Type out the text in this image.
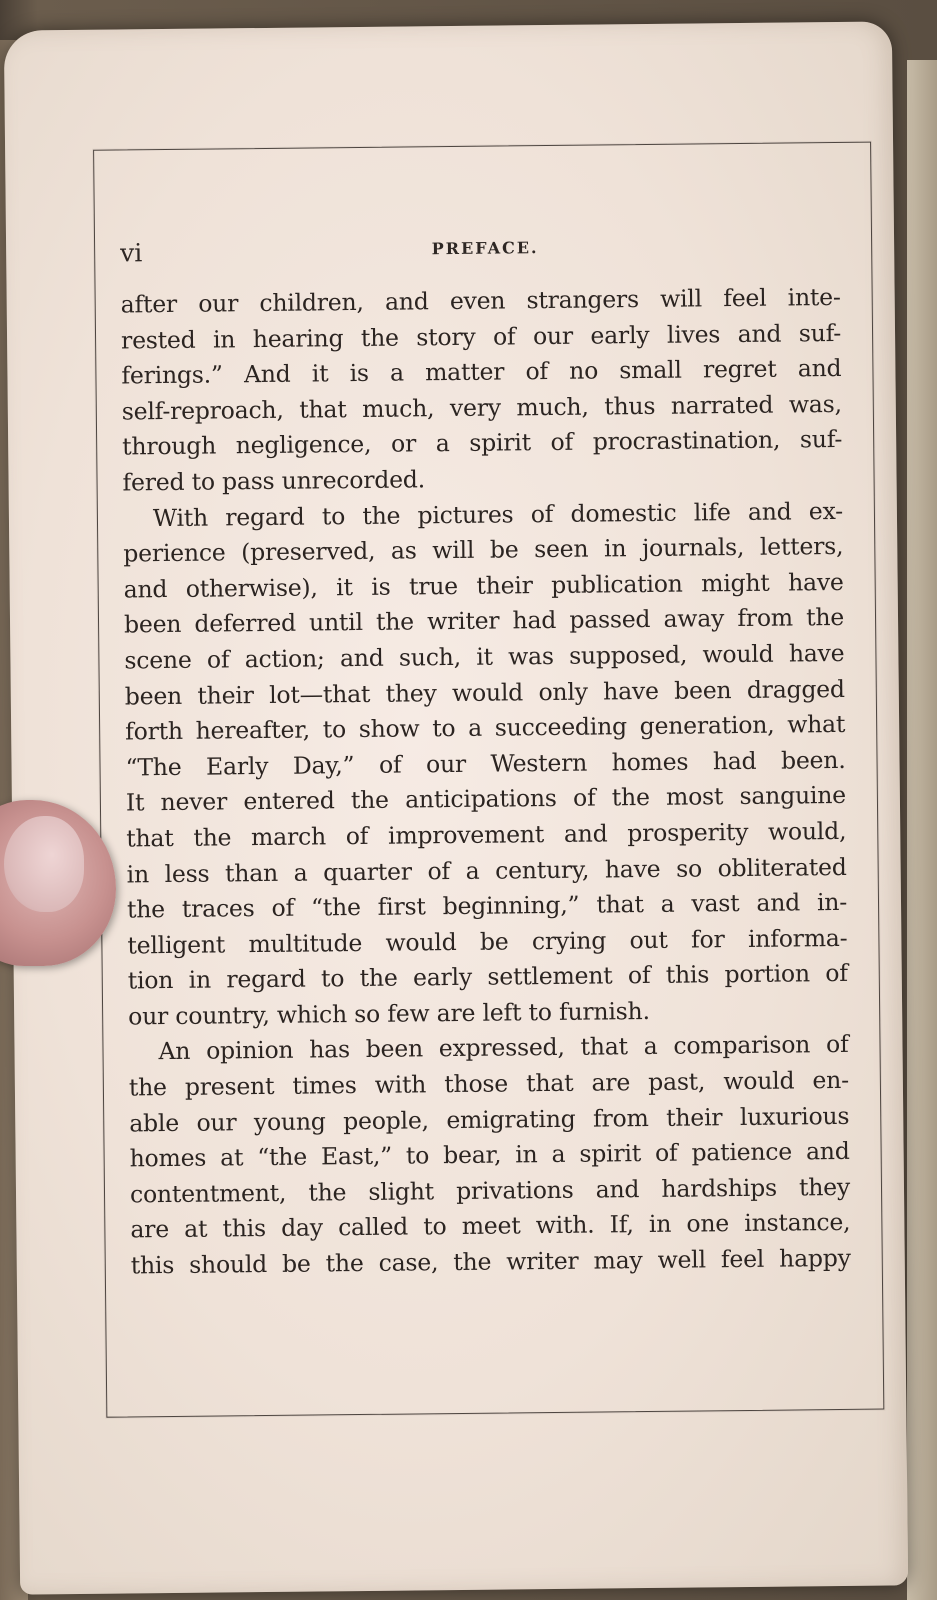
vi	PREFACE.
after our children, and even strangers will feel inte-
rested in hearing the story of our early lives and suf-
ferings.” And it is a matter of no small regret and
self-reproach, that much, very much, thus narrated was,
through negligence, or a spirit of procrastination, suf-
fered to pass unrecorded.
With regard to the pictures of domestic life and ex-
perience (preserved, as will be seen in journals, letters,
and otherwise), it is true their publication might have
been deferred until the writer had passed away from the
scene of action; and such, it was supposed, would have
been their lot—that they would only have been dragged
forth hereafter, to show to a succeeding generation, what
“The Early Day,” of our Western homes had been.
It never entered the anticipations of the most sanguine
that the march of improvement and prosperity would,
in less than a quarter of a century, have so obliterated
the traces of “the first beginning,” that a vast and in-
telligent multitude would be crying out for informa-
tion in regard to the early settlement of this portion of
our country, which so few are left to furnish.
An opinion has been expressed, that a comparison of
the present times with those that are past, would en-
able our young people, emigrating from their luxurious
homes at “the East,” to bear, in a spirit of patience and
contentment, the slight privations and hardships they
are at this day called to meet with. If, in one instance,
this should be the case, the writer may well feel happy
